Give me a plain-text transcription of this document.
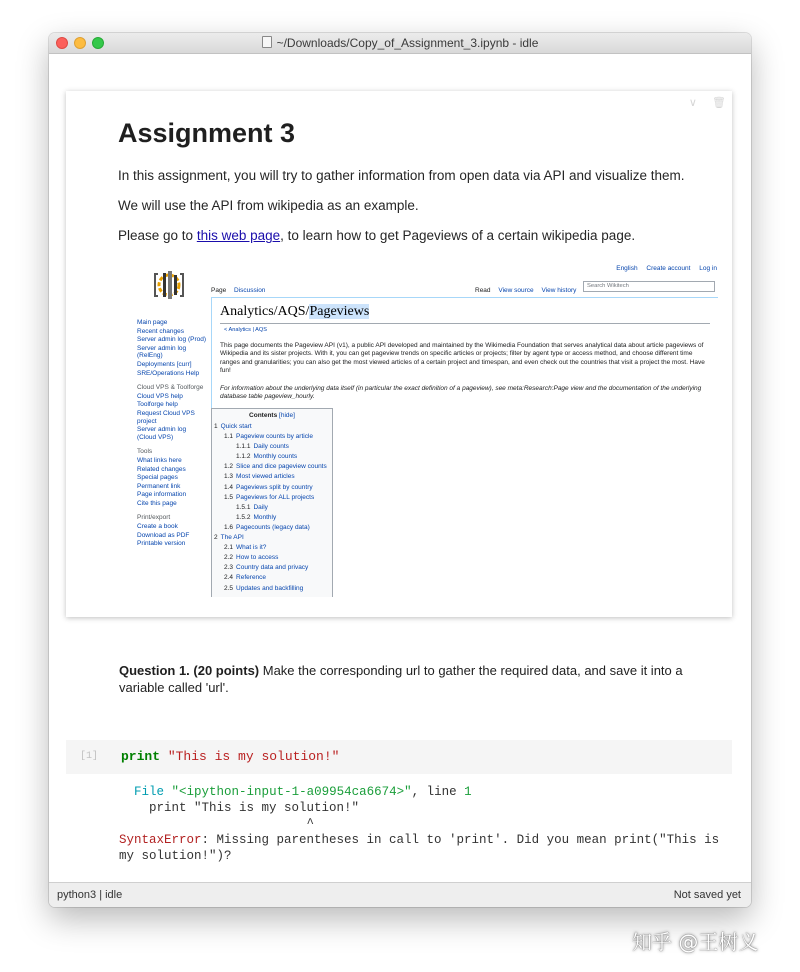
~/Downloads/Copy_of_Assignment_3.ipynb - idle
∨ 🗑
Assignment 3

In this assignment, you will try to gather information from open data via API and visualize them.

We will use the API from wikipedia as an example.

Please go to this web page, to learn how to get Pageviews of a certain wikipedia page.

English Create account Log in
Main page
Recent changes
Server admin log (Prod)
Server admin log (RelEng)
Deployments [curr]
SRE/Operations Help
Cloud VPS & Toolforge
Cloud VPS help
Toolforge help
Request Cloud VPS project
Server admin log (Cloud VPS)
Tools
What links here
Related changes
Special pages
Permanent link
Page information
Cite this page
Print/export
Create a book
Download as PDF
Printable version
Page Discussion	Read View source View history
Search Wikitech
Analytics/AQS/Pageviews
< Analytics | AQS
This page documents the Pageview API (v1), a public API developed and maintained by the Wikimedia Foundation that serves analytical data about article pageviews of Wikipedia and its sister projects. With it, you can get pageview trends on specific articles or projects; filter by agent type or access method, and choose different time ranges and granularities; you can also get the most viewed articles of a certain project and timespan, and even check out the countries that visit a project the most. Have fun!
For information about the underlying data itself (in particular the exact definition of a pageview), see meta:Research:Page view and the documentation of the underlying database table pageview_hourly.
Contents [hide]
1 Quick start
1.1 Pageview counts by article
1.1.1 Daily counts
1.1.2 Monthly counts
1.2 Slice and dice pageview counts
1.3 Most viewed articles
1.4 Pageviews split by country
1.5 Pageviews for ALL projects
1.5.1 Daily
1.5.2 Monthly
1.6 Pagecounts (legacy data)
2 The API
2.1 What is it?
2.2 How to access
2.3 Country data and privacy
2.4 Reference
2.5 Updates and backfilling

Question 1. (20 points) Make the corresponding url to gather the required data, and save it into a variable called 'url'.

[1] print "This is my solution!"
File "<ipython-input-1-a09954ca6674>", line 1
print "This is my solution!"
^
SyntaxError: Missing parentheses in call to 'print'. Did you mean print("This is
my solution!")?
python3 | idle	Not saved yet
知乎 @王树义
